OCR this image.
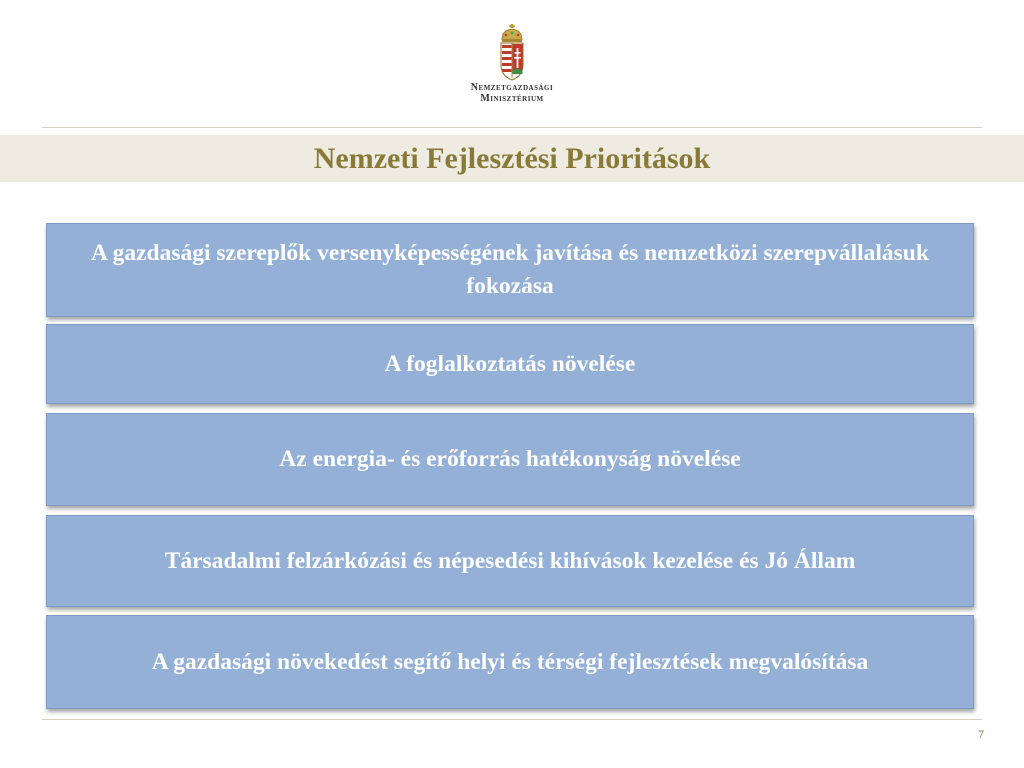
Nemzetgazdasági
Minisztérium
Nemzeti Fejlesztési Prioritások
A gazdasági szereplők versenyképességének javítása és nemzetközi szerepvállalásuk fokozása
A foglalkoztatás növelése
Az energia- és erőforrás hatékonyság növelése
Társadalmi felzárkózási és népesedési kihívások kezelése és Jó Állam
A gazdasági növekedést segítő helyi és térségi fejlesztések megvalósítása
7
